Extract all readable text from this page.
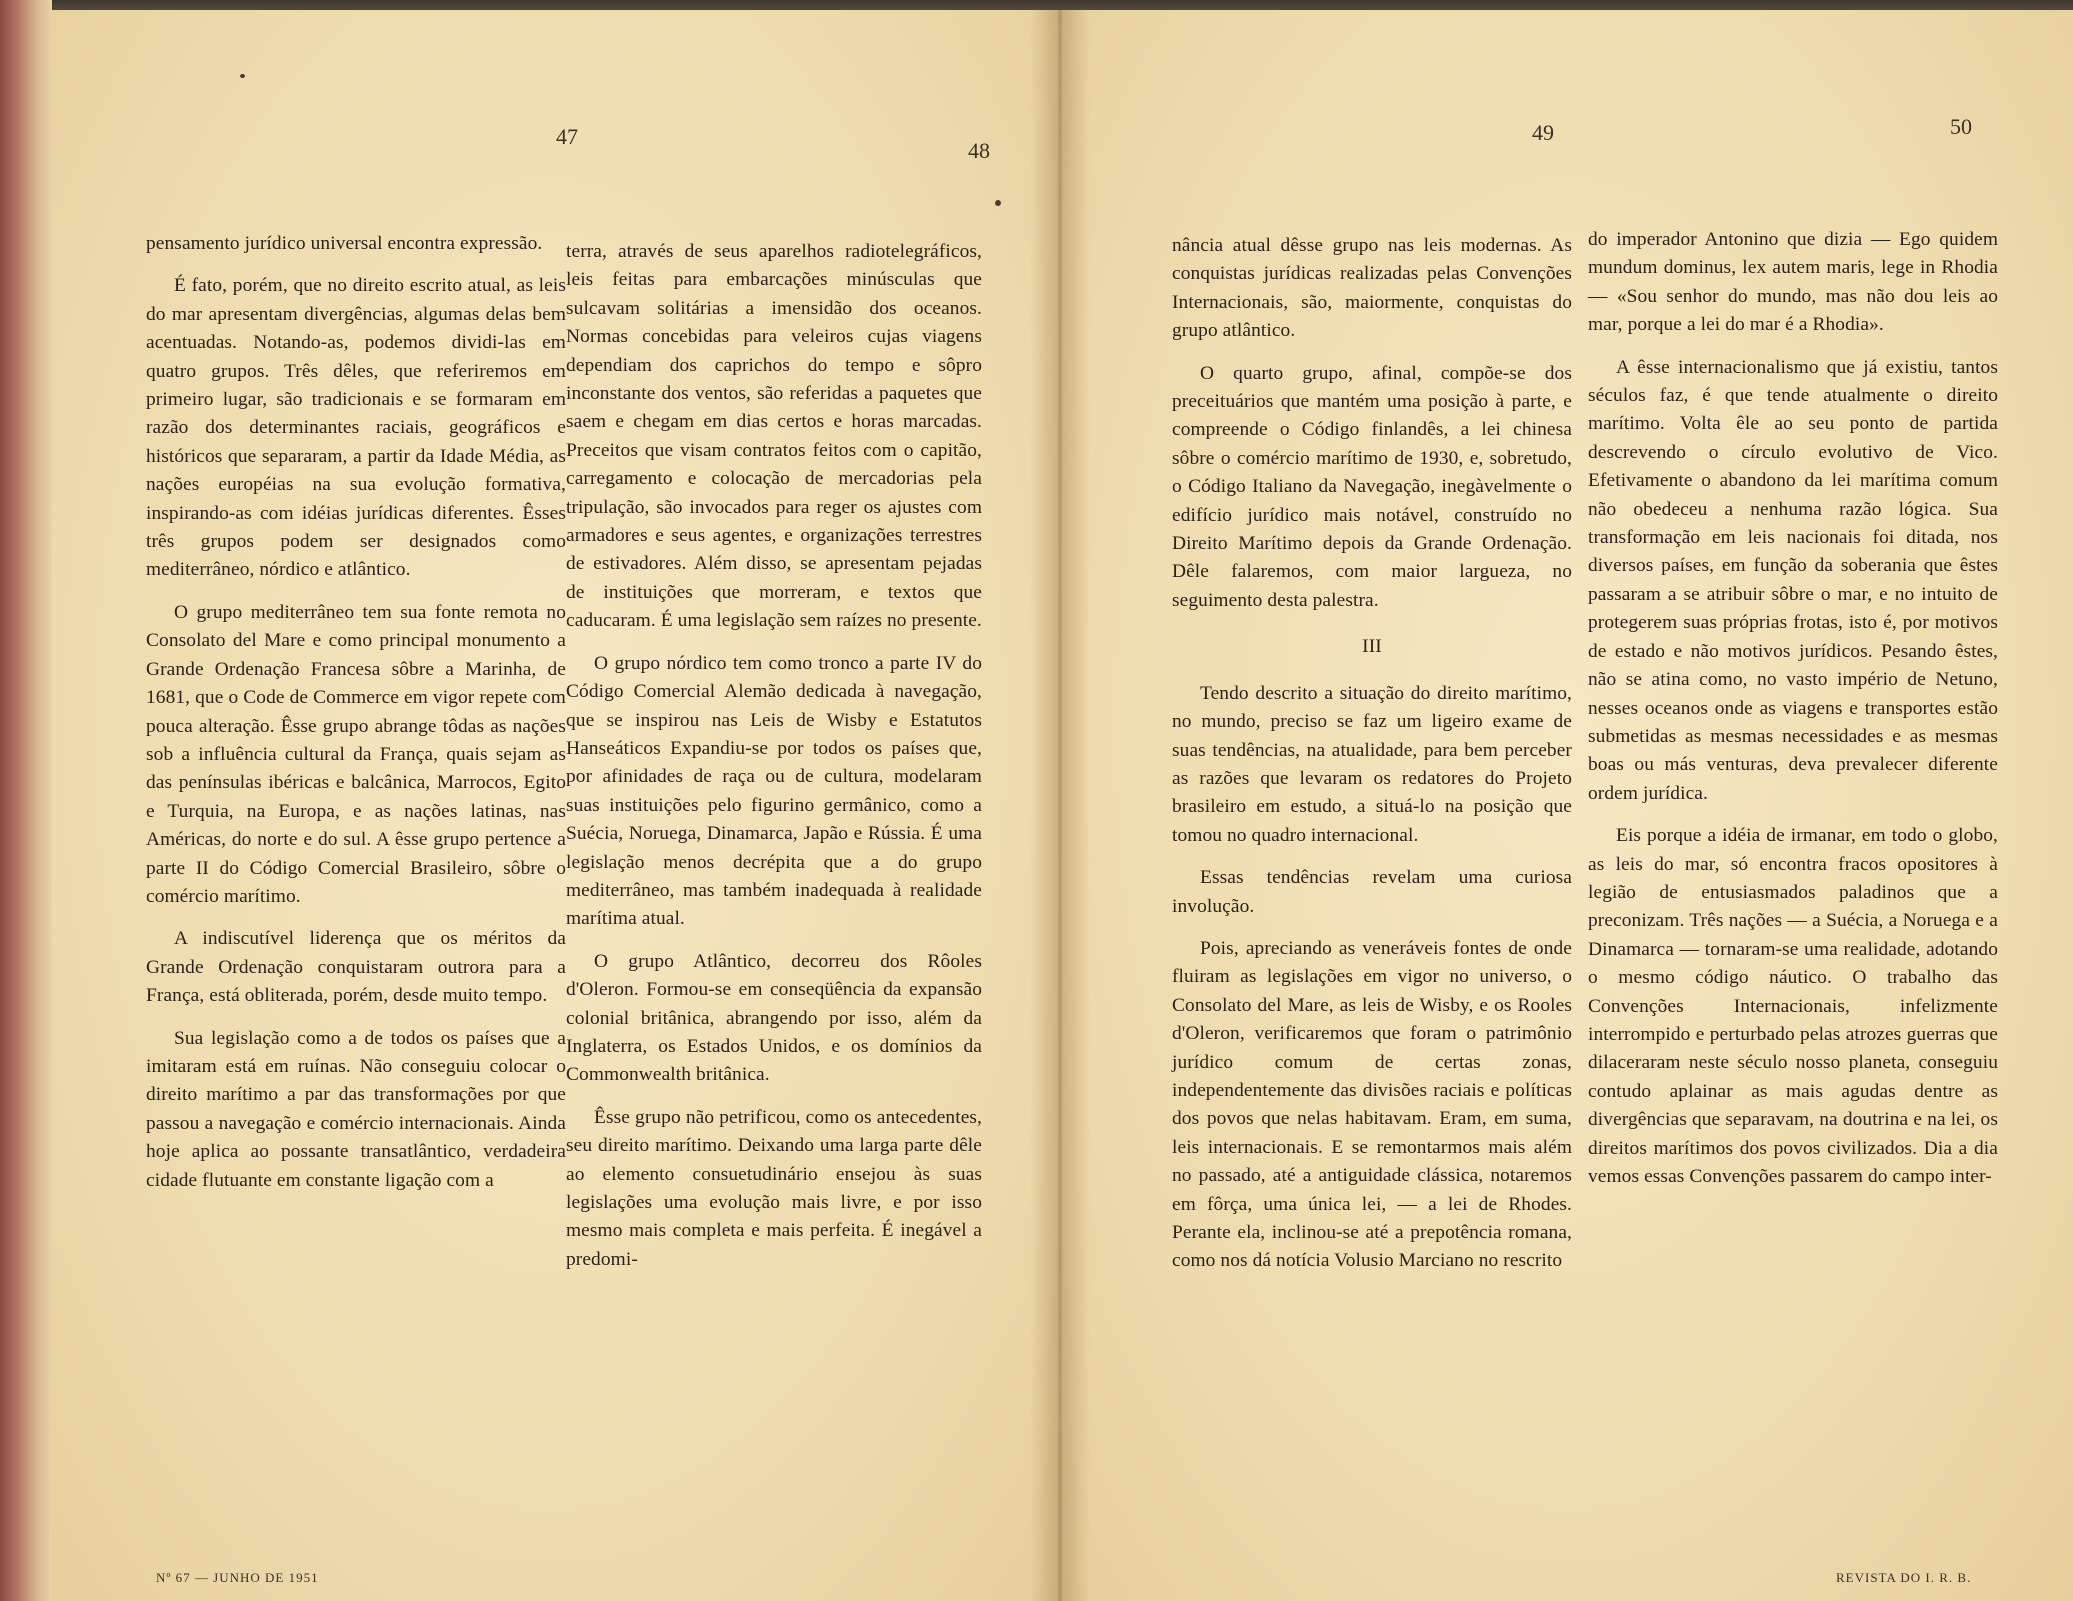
47
48
49	50

pensamento jurídico universal encontra expressão.

É fato, porém, que no direito escrito atual, as leis do mar apresentam divergências, algumas delas bem acentuadas. Notando-as, podemos dividi-las em quatro grupos. Três dêles, que referiremos em primeiro lugar, são tradicionais e se formaram em razão dos determinantes raciais, geográficos e históricos que separaram, a partir da Idade Média, as nações européias na sua evolução formativa, inspirando-as com idéias jurídicas diferentes. Êsses três grupos podem ser designados como mediterrâneo, nórdico e atlântico.

O grupo mediterrâneo tem sua fonte remota no Consolato del Mare e como principal monumento a Grande Ordenação Francesa sôbre a Marinha, de 1681, que o Code de Commerce em vigor repete com pouca alteração. Êsse grupo abrange tôdas as nações sob a influência cultural da França, quais sejam as das penínsulas ibéricas e balcânica, Marrocos, Egito e Turquia, na Europa, e as nações latinas, nas Américas, do norte e do sul. A êsse grupo pertence a parte II do Código Comercial Brasileiro, sôbre o comércio marítimo.

A indiscutível liderença que os méritos da Grande Ordenação conquistaram outrora para a França, está obliterada, porém, desde muito tempo.

Sua legislação como a de todos os países que a imitaram está em ruínas. Não conseguiu colocar o direito marítimo a par das transformações por que passou a navegação e comércio internacionais. Ainda hoje aplica ao possante transatlântico, verdadeira cidade flutuante em constante ligação com a

terra, através de seus aparelhos radiotelegráficos, leis feitas para embarcações minúsculas que sulcavam solitárias a imensidão dos oceanos. Normas concebidas para veleiros cujas viagens dependiam dos caprichos do tempo e sôpro inconstante dos ventos, são referidas a paquetes que saem e chegam em dias certos e horas marcadas. Preceitos que visam contratos feitos com o capitão, carregamento e colocação de mercadorias pela tripulação, são invocados para reger os ajustes com armadores e seus agentes, e organizações terrestres de estivadores. Além disso, se apresentam pejadas de instituições que morreram, e textos que caducaram. É uma legislação sem raízes no presente.

O grupo nórdico tem como tronco a parte IV do Código Comercial Alemão dedicada à navegação, que se inspirou nas Leis de Wisby e Estatutos Hanseáticos Expandiu-se por todos os países que, por afinidades de raça ou de cultura, modelaram suas instituições pelo figurino germânico, como a Suécia, Noruega, Dinamarca, Japão e Rússia. É uma legislação menos decrépita que a do grupo mediterrâneo, mas também inadequada à realidade marítima atual.

O grupo Atlântico, decorreu dos Rôoles d'Oleron. Formou-se em conseqüência da expansão colonial britânica, abrangendo por isso, além da Inglaterra, os Estados Unidos, e os domínios da Commonwealth britânica.

Êsse grupo não petrificou, como os antecedentes, seu direito marítimo. Deixando uma larga parte dêle ao elemento consuetudinário ensejou às suas legislações uma evolução mais livre, e por isso mesmo mais completa e mais perfeita. É inegável a predomi-

nância atual dêsse grupo nas leis modernas. As conquistas jurídicas realizadas pelas Convenções Internacionais, são, maiormente, conquistas do grupo atlântico.

O quarto grupo, afinal, compõe-se dos preceituários que mantém uma posição à parte, e compreende o Código finlandês, a lei chinesa sôbre o comércio marítimo de 1930, e, sobretudo, o Código Italiano da Navegação, inegàvelmente o edifício jurídico mais notável, construído no Direito Marítimo depois da Grande Ordenação. Dêle falaremos, com maior largueza, no seguimento desta palestra.

III

Tendo descrito a situação do direito marítimo, no mundo, preciso se faz um ligeiro exame de suas tendências, na atualidade, para bem perceber as razões que levaram os redatores do Projeto brasileiro em estudo, a situá-lo na posição que tomou no quadro internacional.

Essas tendências revelam uma curiosa involução.

Pois, apreciando as veneráveis fontes de onde fluiram as legislações em vigor no universo, o Consolato del Mare, as leis de Wisby, e os Rooles d'Oleron, verificaremos que foram o patrimônio jurídico comum de certas zonas, independentemente das divisões raciais e políticas dos povos que nelas habitavam. Eram, em suma, leis internacionais. E se remontarmos mais além no passado, até a antiguidade clássica, notaremos em fôrça, uma única lei, — a lei de Rhodes. Perante ela, inclinou-se até a prepotência romana, como nos dá notícia Volusio Marciano no rescrito

do imperador Antonino que dizia — Ego quidem mundum dominus, lex autem maris, lege in Rhodia — «Sou senhor do mundo, mas não dou leis ao mar, porque a lei do mar é a Rhodia».

A êsse internacionalismo que já existiu, tantos séculos faz, é que tende atualmente o direito marítimo. Volta êle ao seu ponto de partida descrevendo o círculo evolutivo de Vico. Efetivamente o abandono da lei marítima comum não obedeceu a nenhuma razão lógica. Sua transformação em leis nacionais foi ditada, nos diversos países, em função da soberania que êstes passaram a se atribuir sôbre o mar, e no intuito de protegerem suas próprias frotas, isto é, por motivos de estado e não motivos jurídicos. Pesando êstes, não se atina como, no vasto império de Netuno, nesses oceanos onde as viagens e transportes estão submetidas as mesmas necessidades e as mesmas boas ou más venturas, deva prevalecer diferente ordem jurídica.

Eis porque a idéia de irmanar, em todo o globo, as leis do mar, só encontra fracos opositores à legião de entusiasmados paladinos que a preconizam. Três nações — a Suécia, a Noruega e a Dinamarca — tornaram-se uma realidade, adotando o mesmo código náutico. O trabalho das Convenções Internacionais, infelizmente interrompido e perturbado pelas atrozes guerras que dilaceraram neste século nosso planeta, conseguiu contudo aplainar as mais agudas dentre as divergências que separavam, na doutrina e na lei, os direitos marítimos dos povos civilizados. Dia a dia vemos essas Convenções passarem do campo inter-

Nº 67 — JUNHO DE 1951	REVISTA DO I. R. B.
